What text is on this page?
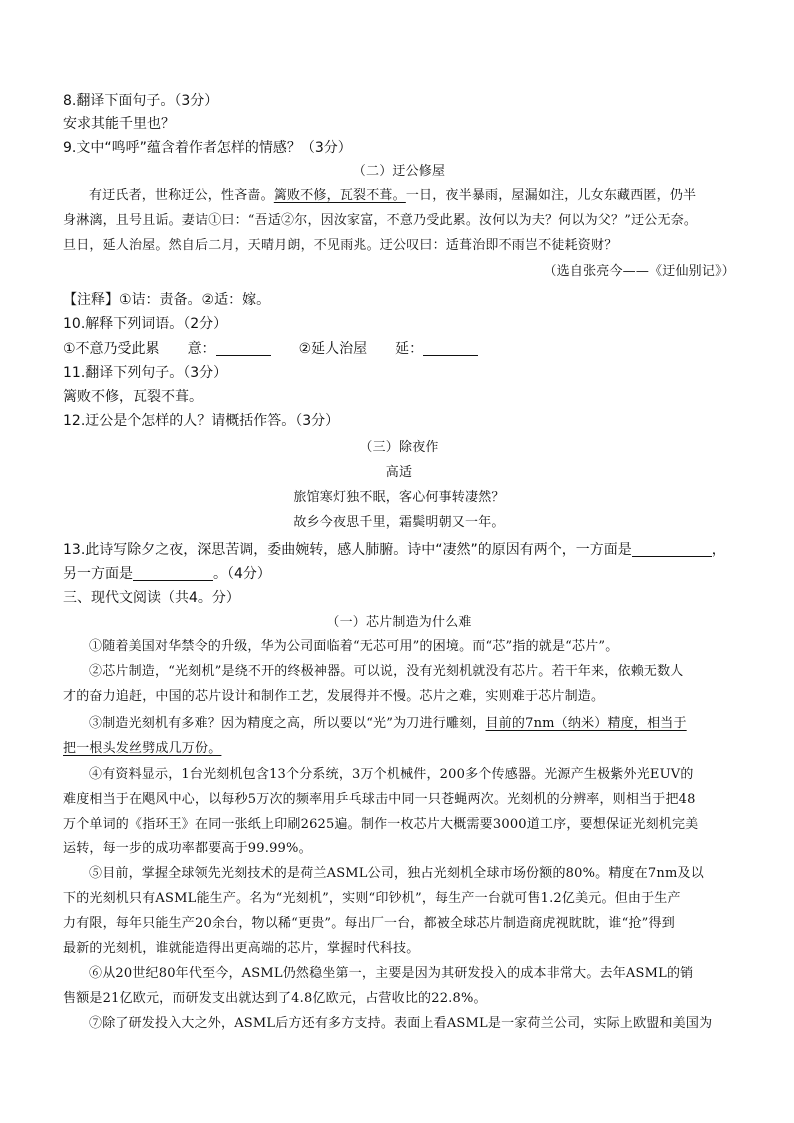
8.翻译下面句子。（3分）
安求其能千里也？
9.文中“鸣呼”蕴含着作者怎样的情感？（3分）
（二）迂公修屋
有迂氏者，世称迂公，性吝啬。篱败不修，瓦裂不葺。一日，夜半暴雨，屋漏如注，儿女东藏西匿，仍半
身淋漓，且号且诟。妻诘①曰：“吾适②尔，因汝家富，不意乃受此累。汝何以为夫？何以为父？”迂公无奈。
旦日，延人治屋。然自后二月，天晴月朗，不见雨兆。迂公叹曰：适葺治即不雨岂不徒耗资财？
（选自张亮今——《迂仙别记》）
【注释】①诘：责备。②适：嫁。
10.解释下列词语。（2分）
①不意乃受此累 意：	②延人治屋 延：
11.翻译下列句子。（3分）
篱败不修，瓦裂不葺。
12.迂公是个怎样的人？请概括作答。（3分）
（三）除夜作
高适
旅馆寒灯独不眠，客心何事转凄然？
故乡今夜思千里，霜鬓明朝又一年。
13.此诗写除夕之夜，深思苦调，委曲婉转，感人肺腑。诗中“凄然”的原因有两个，一方面是	，
另一方面是	。（4分）
三、现代文阅读（共4。分）
（一）芯片制造为什么难
①随着美国对华禁令的升级，华为公司面临着“无芯可用”的困境。而“芯”指的就是“芯片”。
②芯片制造，“光刻机”是绕不开的终极神器。可以说，没有光刻机就没有芯片。若干年来，依赖无数人
才的奋力追赶，中国的芯片设计和制作工艺，发展得并不慢。芯片之难，实则难于芯片制造。
③制造光刻机有多难？因为精度之高，所以要以“光”为刀进行雕刻，目前的7nm（纳米）精度，相当于
把一根头发丝劈成几万份。
④有资料显示，1台光刻机包含13个分系统，3万个机械件，200多个传感器。光源产生极紫外光EUV的
难度相当于在飓风中心，以每秒5万次的频率用乒乓球击中同一只苍蝇两次。光刻机的分辨率，则相当于把48
万个单词的《指环王》在同一张纸上印刷2625遍。制作一枚芯片大概需要3000道工序，要想保证光刻机完美
运转，每一步的成功率都要高于99.99%。
⑤目前，掌握全球领先光刻技术的是荷兰ASML公司，独占光刻机全球市场份额的80%。精度在7nm及以
下的光刻机只有ASML能生产。名为“光刻机”，实则“印钞机”，每生产一台就可售1.2亿美元。但由于生产
力有限，每年只能生产20余台，物以稀“更贵”。每出厂一台，都被全球芯片制造商虎视眈眈，谁“抢”得到
最新的光刻机，谁就能造得出更高端的芯片，掌握时代科技。
⑥从20世纪80年代至今，ASML仍然稳坐第一，主要是因为其研发投入的成本非常大。去年ASML的销
售额是21亿欧元，而研发支出就达到了4.8亿欧元，占营收比的22.8%。
⑦除了研发投入大之外，ASML后方还有多方支持。表面上看ASML是一家荷兰公司，实际上欧盟和美国为
